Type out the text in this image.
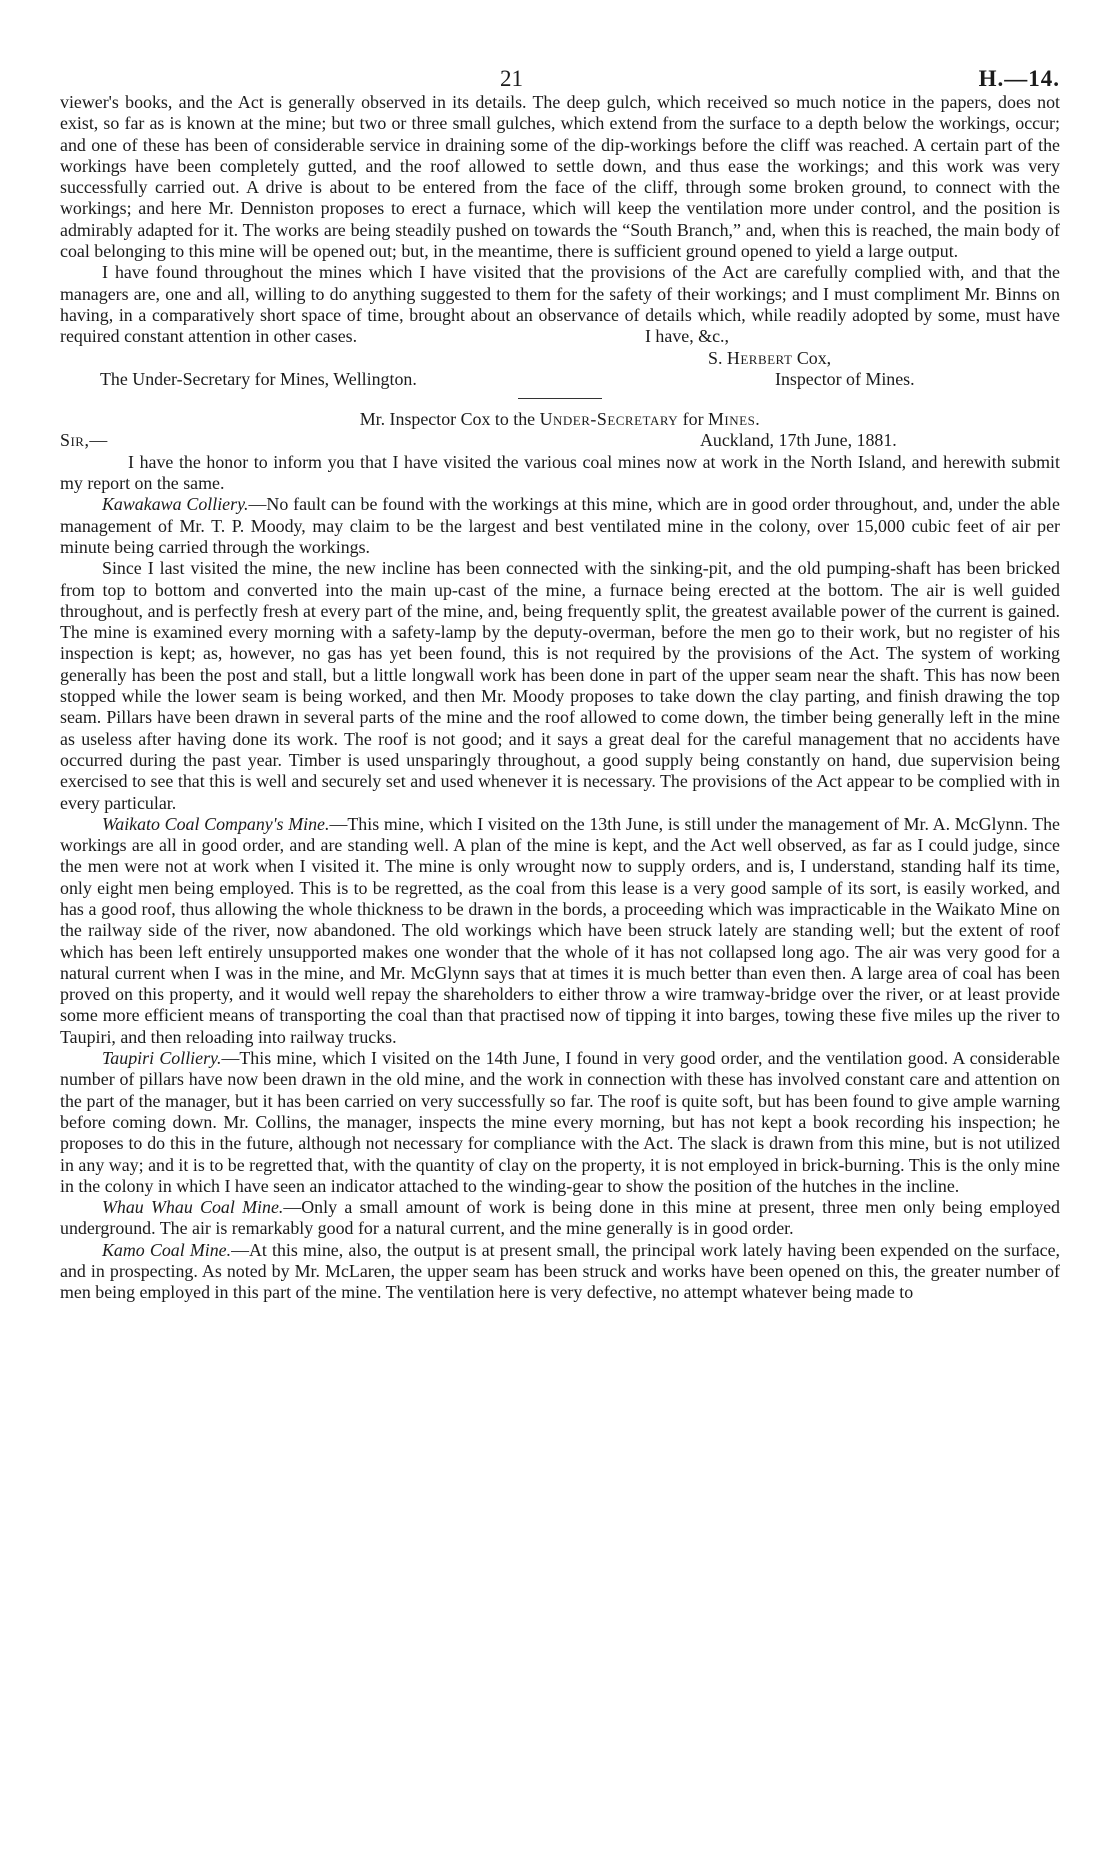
21	H.—14.

viewer's books, and the Act is generally observed in its details. The deep gulch, which received so much notice in the papers, does not exist, so far as is known at the mine; but two or three small gulches, which extend from the surface to a depth below the workings, occur; and one of these has been of considerable service in draining some of the dip-workings before the cliff was reached. A certain part of the workings have been completely gutted, and the roof allowed to settle down, and thus ease the workings; and this work was very successfully carried out. A drive is about to be entered from the face of the cliff, through some broken ground, to connect with the workings; and here Mr. Denniston proposes to erect a furnace, which will keep the ventilation more under control, and the position is admirably adapted for it. The works are being steadily pushed on towards the “South Branch,” and, when this is reached, the main body of coal belonging to this mine will be opened out; but, in the meantime, there is sufficient ground opened to yield a large output.

I have found throughout the mines which I have visited that the provisions of the Act are carefully complied with, and that the managers are, one and all, willing to do anything suggested to them for the safety of their workings; and I must compliment Mr. Binns on having, in a comparatively short space of time, brought about an observance of details which, while readily adopted by some, must have required constant attention in other cases.	I have, &c.,
S. Herbert Cox,
The Under-Secretary for Mines, Wellington.	Inspector of Mines.
Mr. Inspector Cox to the Under-Secretary for Mines.
Sir,—	Auckland, 17th June, 1881.

I have the honor to inform you that I have visited the various coal mines now at work in the North Island, and herewith submit my report on the same.

Kawakawa Colliery.—No fault can be found with the workings at this mine, which are in good order throughout, and, under the able management of Mr. T. P. Moody, may claim to be the largest and best ventilated mine in the colony, over 15,000 cubic feet of air per minute being carried through the workings.

Since I last visited the mine, the new incline has been connected with the sinking-pit, and the old pumping-shaft has been bricked from top to bottom and converted into the main up-cast of the mine, a furnace being erected at the bottom. The air is well guided throughout, and is perfectly fresh at every part of the mine, and, being frequently split, the greatest available power of the current is gained. The mine is examined every morning with a safety-lamp by the deputy-overman, before the men go to their work, but no register of his inspection is kept; as, however, no gas has yet been found, this is not required by the provisions of the Act. The system of working generally has been the post and stall, but a little longwall work has been done in part of the upper seam near the shaft. This has now been stopped while the lower seam is being worked, and then Mr. Moody proposes to take down the clay parting, and finish drawing the top seam. Pillars have been drawn in several parts of the mine and the roof allowed to come down, the timber being generally left in the mine as useless after having done its work. The roof is not good; and it says a great deal for the careful management that no accidents have occurred during the past year. Timber is used unsparingly throughout, a good supply being constantly on hand, due supervision being exercised to see that this is well and securely set and used whenever it is necessary. The provisions of the Act appear to be complied with in every particular.

Waikato Coal Company's Mine.—This mine, which I visited on the 13th June, is still under the management of Mr. A. McGlynn. The workings are all in good order, and are standing well. A plan of the mine is kept, and the Act well observed, as far as I could judge, since the men were not at work when I visited it. The mine is only wrought now to supply orders, and is, I understand, standing half its time, only eight men being employed. This is to be regretted, as the coal from this lease is a very good sample of its sort, is easily worked, and has a good roof, thus allowing the whole thickness to be drawn in the bords, a proceeding which was impracticable in the Waikato Mine on the railway side of the river, now abandoned. The old workings which have been struck lately are standing well; but the extent of roof which has been left entirely unsupported makes one wonder that the whole of it has not collapsed long ago. The air was very good for a natural current when I was in the mine, and Mr. McGlynn says that at times it is much better than even then. A large area of coal has been proved on this property, and it would well repay the shareholders to either throw a wire tramway-bridge over the river, or at least provide some more efficient means of transporting the coal than that practised now of tipping it into barges, towing these five miles up the river to Taupiri, and then reloading into railway trucks.

Taupiri Colliery.—This mine, which I visited on the 14th June, I found in very good order, and the ventilation good. A considerable number of pillars have now been drawn in the old mine, and the work in connection with these has involved constant care and attention on the part of the manager, but it has been carried on very successfully so far. The roof is quite soft, but has been found to give ample warning before coming down. Mr. Collins, the manager, inspects the mine every morning, but has not kept a book recording his inspection; he proposes to do this in the future, although not necessary for compliance with the Act. The slack is drawn from this mine, but is not utilized in any way; and it is to be regretted that, with the quantity of clay on the property, it is not employed in brick-burning. This is the only mine in the colony in which I have seen an indicator attached to the winding-gear to show the position of the hutches in the incline.

Whau Whau Coal Mine.—Only a small amount of work is being done in this mine at present, three men only being employed underground. The air is remarkably good for a natural current, and the mine generally is in good order.

Kamo Coal Mine.—At this mine, also, the output is at present small, the principal work lately having been expended on the surface, and in prospecting. As noted by Mr. McLaren, the upper seam has been struck and works have been opened on this, the greater number of men being employed in this part of the mine. The ventilation here is very defective, no attempt whatever being made to
